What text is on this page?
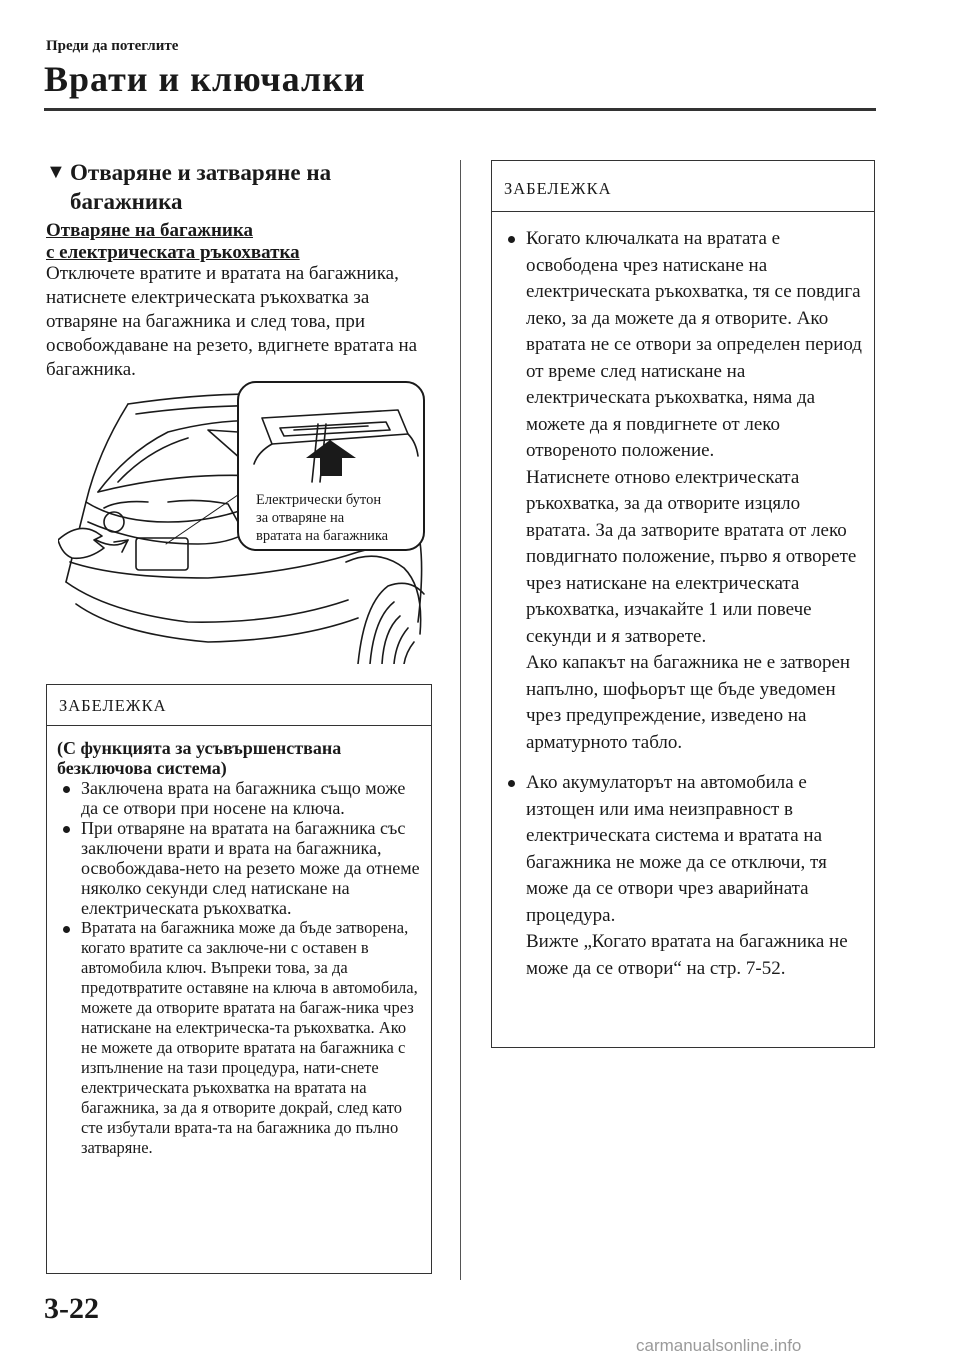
Преди да потеглите
Врати и ключалки
▼ Отваряне и затваряне на багажника
Отваряне на багажника
с електрическата ръкохватка
Отключете вратите и вратата на багажника, натиснете електрическата ръкохватка за отваряне на багажника и след това, при освобождаване на резето, вдигнете вратата на багажника.
Електрически бутон
за отваряне на
вратата на багажника
ЗАБЕЛЕЖКА
(С функцията за усъвършенствана безключова система)
Заключена врата на багажника също може да се отвори при носене на ключа.
При отваряне на вратата на багажника със заключени врати и врата на багажника, освобождава-нето на резето може да отнеме няколко секунди след натискане на електрическата ръкохватка.
Вратата на багажника може да бъде затворена, когато вратите са заключе-ни с оставен в автомобила ключ. Въпреки това, за да предотвратите оставяне на ключа в автомобила, можете да отворите вратата на багаж-ника чрез натискане на електрическа-та ръкохватка. Ако не можете да отворите вратата на багажника с изпълнение на тази процедура, нати-снете електрическата ръкохватка на вратата на багажника, за да я отворите докрай, след като сте избутали врата-та на багажника до пълно затваряне.
ЗАБЕЛЕЖКА
Когато ключалката на вратата е освободена чрез натискане на електрическата ръкохватка, тя се повдига леко, за да можете да я отворите. Ако вратата не се отвори за определен период от време след натискане на електрическата ръкохватка, няма да можете да я повдигнете от леко отвореното положение.
Натиснете отново електрическата ръкохватка, за да отворите изцяло вратата. За да затворите вратата от леко повдигнато положение, първо я отворете чрез натискане на електрическата ръкохватка, изчакайте 1 или повече секунди и я затворете.
Ако капакът на багажника не е затворен напълно, шофьорът ще бъде уведомен чрез предупреждение, изведено на арматурното табло.
Ако акумулаторът на автомобила е изтощен или има неизправност в електрическата система и вратата на багажника не може да се отключи, тя може да се отвори чрез аварийната процедура.
Вижте „Когато вратата на багажника не може да се отвори“ на стр. 7-52.
3-22
carmanualsonline.info
